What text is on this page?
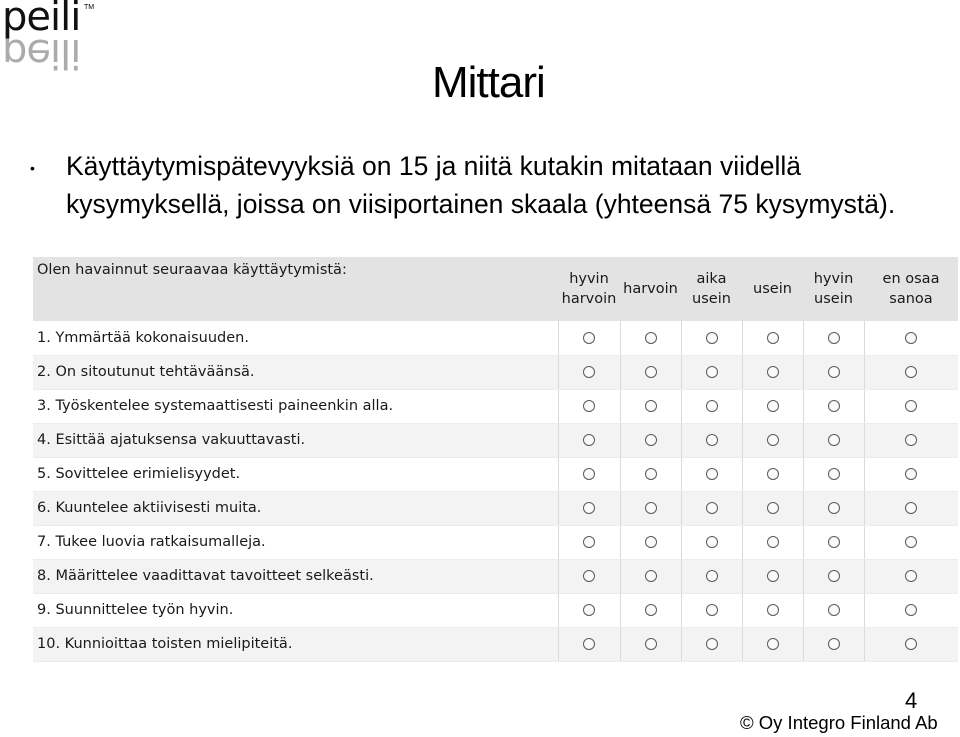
peili
peili
TM
Mittari
• Käyttäytymispätevyyksiä on 15 ja niitä kutakin mitataan viidellä kysymyksellä, joissa on viisiportainen skaala (yhteensä 75 kysymystä).
Olen havainnut seuraavaa käyttäytymistä:	hyvin harvoin	harvoin	aika usein	usein	hyvin usein	en osaa sanoa
1. Ymmärtää kokonaisuuden.						
2. On sitoutunut tehtäväänsä.						
3. Työskentelee systemaattisesti paineenkin alla.						
4. Esittää ajatuksensa vakuuttavasti.						
5. Sovittelee erimielisyydet.						
6. Kuuntelee aktiivisesti muita.						
7. Tukee luovia ratkaisumalleja.						
8. Määrittelee vaadittavat tavoitteet selkeästi.						
9. Suunnittelee työn hyvin.						
10. Kunnioittaa toisten mielipiteitä.						
4
© Oy Integro Finland Ab
